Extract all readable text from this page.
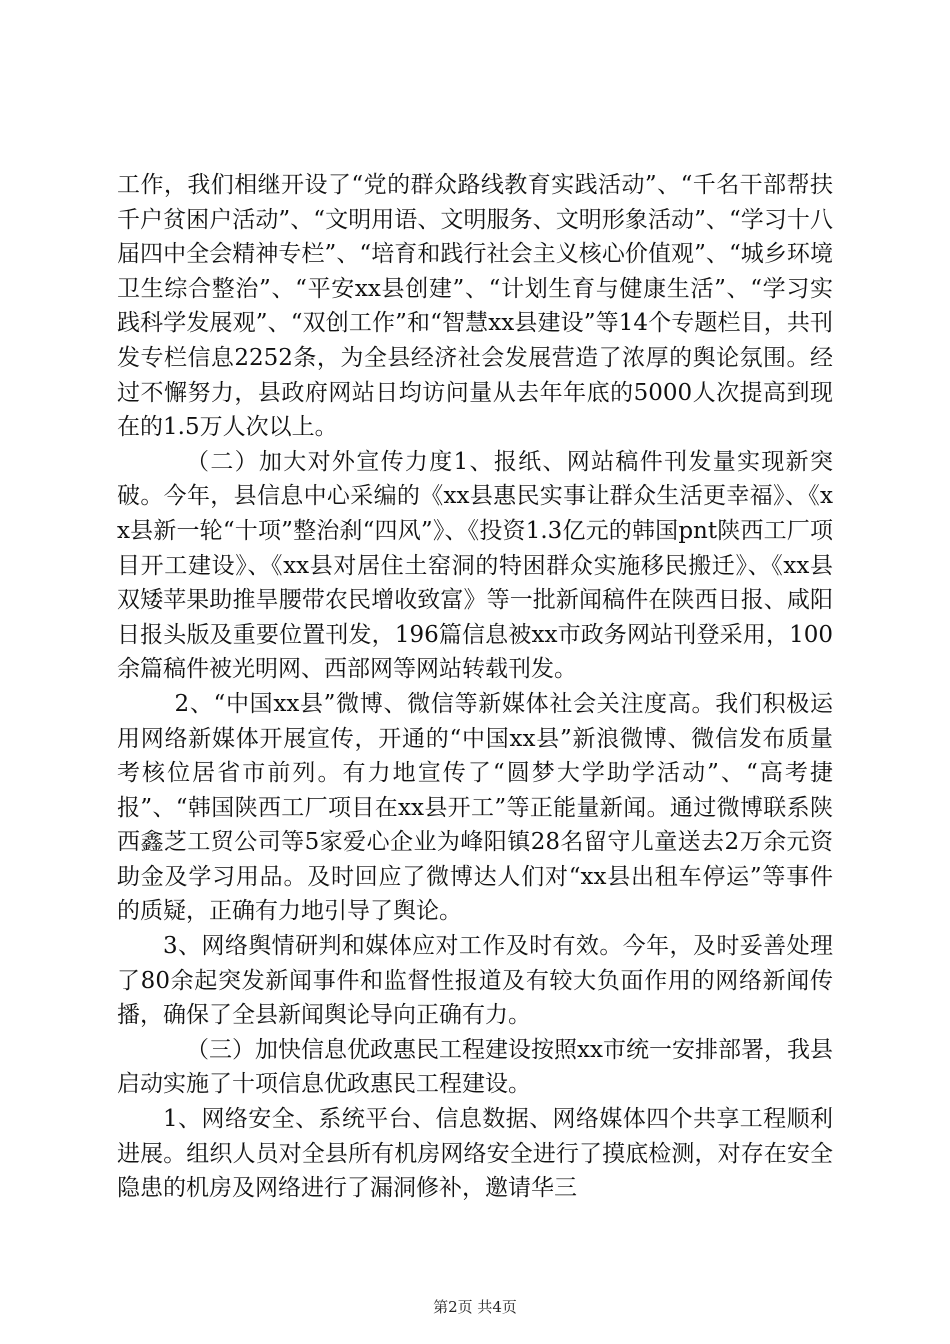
工作，我们相继开设了“党的群众路线教育实践活动”、“千名干部帮扶千户贫困户活动”、“文明用语、文明服务、文明形象活动”、“学习十八届四中全会精神专栏”、“培育和践行社会主义核心价值观”、“城乡环境卫生综合整治”、“平安xx县创建”、“计划生育与健康生活”、“学习实践科学发展观”、“双创工作”和“智慧xx县建设”等14个专题栏目，共刊发专栏信息2252条，为全县经济社会发展营造了浓厚的舆论氛围。经过不懈努力，县政府网站日均访问量从去年年底的5000人次提高到现在的1.5万人次以上。

（二）加大对外宣传力度1、报纸、网站稿件刊发量实现新突破。今年，县信息中心采编的《xx县惠民实事让群众生活更幸福》、《xx县新一轮“十项”整治刹“四风”》、《投资1.3亿元的韩国pnt陕西工厂项目开工建设》、《xx县对居住土窑洞的特困群众实施移民搬迁》、《xx县双矮苹果助推旱腰带农民增收致富》等一批新闻稿件在陕西日报、咸阳日报头版及重要位置刊发，196篇信息被xx市政务网站刊登采用，100余篇稿件被光明网、西部网等网站转载刊发。

2、“中国xx县”微博、微信等新媒体社会关注度高。我们积极运用网络新媒体开展宣传，开通的“中国xx县”新浪微博、微信发布质量考核位居省市前列。有力地宣传了“圆梦大学助学活动”、“高考捷报”、“韩国陕西工厂项目在xx县开工”等正能量新闻。通过微博联系陕西鑫芝工贸公司等5家爱心企业为峰阳镇28名留守儿童送去2万余元资助金及学习用品。及时回应了微博达人们对“xx县出租车停运”等事件的质疑，正确有力地引导了舆论。

3、网络舆情研判和媒体应对工作及时有效。今年，及时妥善处理了80余起突发新闻事件和监督性报道及有较大负面作用的网络新闻传播，确保了全县新闻舆论导向正确有力。

（三）加快信息优政惠民工程建设按照xx市统一安排部署，我县启动实施了十项信息优政惠民工程建设。

1、网络安全、系统平台、信息数据、网络媒体四个共享工程顺利进展。组织人员对全县所有机房网络安全进行了摸底检测，对存在安全隐患的机房及网络进行了漏洞修补，邀请华三

第2页 共4页
